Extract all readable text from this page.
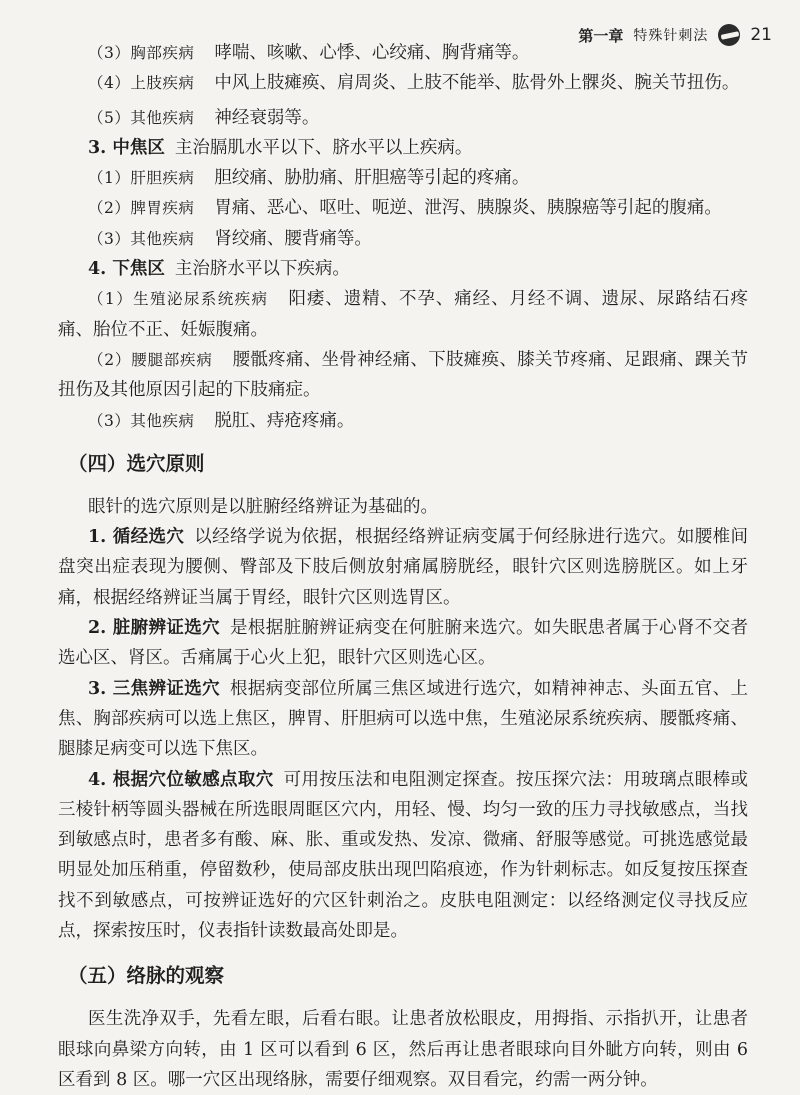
第一章 特殊针刺法 21

（3）胸部疾病 哮喘、咳嗽、心悸、心绞痛、胸背痛等。

（4）上肢疾病 中风上肢瘫痪、肩周炎、上肢不能举、肱骨外上髁炎、腕关节扭伤。

（5）其他疾病 神经衰弱等。

3. 中焦区 主治膈肌水平以下、脐水平以上疾病。

（1）肝胆疾病 胆绞痛、胁肋痛、肝胆癌等引起的疼痛。

（2）脾胃疾病 胃痛、恶心、呕吐、呃逆、泄泻、胰腺炎、胰腺癌等引起的腹痛。

（3）其他疾病 肾绞痛、腰背痛等。

4. 下焦区 主治脐水平以下疾病。

（1）生殖泌尿系统疾病 阳痿、遗精、不孕、痛经、月经不调、遗尿、尿路结石疼痛、胎位不正、妊娠腹痛。

（2）腰腿部疾病 腰骶疼痛、坐骨神经痛、下肢瘫痪、膝关节疼痛、足跟痛、踝关节扭伤及其他原因引起的下肢痛症。

（3）其他疾病 脱肛、痔疮疼痛。

（四）选穴原则

眼针的选穴原则是以脏腑经络辨证为基础的。

1. 循经选穴 以经络学说为依据，根据经络辨证病变属于何经脉进行选穴。如腰椎间盘突出症表现为腰侧、臀部及下肢后侧放射痛属膀胱经，眼针穴区则选膀胱区。如上牙痛，根据经络辨证当属于胃经，眼针穴区则选胃区。

2. 脏腑辨证选穴 是根据脏腑辨证病变在何脏腑来选穴。如失眠患者属于心肾不交者选心区、肾区。舌痛属于心火上犯，眼针穴区则选心区。

3. 三焦辨证选穴 根据病变部位所属三焦区域进行选穴，如精神神志、头面五官、上焦、胸部疾病可以选上焦区，脾胃、肝胆病可以选中焦，生殖泌尿系统疾病、腰骶疼痛、腿膝足病变可以选下焦区。

4. 根据穴位敏感点取穴 可用按压法和电阻测定探查。按压探穴法：用玻璃点眼棒或三棱针柄等圆头器械在所选眼周眶区穴内，用轻、慢、均匀一致的压力寻找敏感点，当找到敏感点时，患者多有酸、麻、胀、重或发热、发凉、微痛、舒服等感觉。可挑选感觉最明显处加压稍重，停留数秒，使局部皮肤出现凹陷痕迹，作为针刺标志。如反复按压探查找不到敏感点，可按辨证选好的穴区针刺治之。皮肤电阻测定：以经络测定仪寻找反应点，探索按压时，仪表指针读数最高处即是。

（五）络脉的观察

医生洗净双手，先看左眼，后看右眼。让患者放松眼皮，用拇指、示指扒开，让患者眼球向鼻梁方向转，由 1 区可以看到 6 区，然后再让患者眼球向目外眦方向转，则由 6 区看到 8 区。哪一穴区出现络脉，需要仔细观察。双目看完，约需一两分钟。
